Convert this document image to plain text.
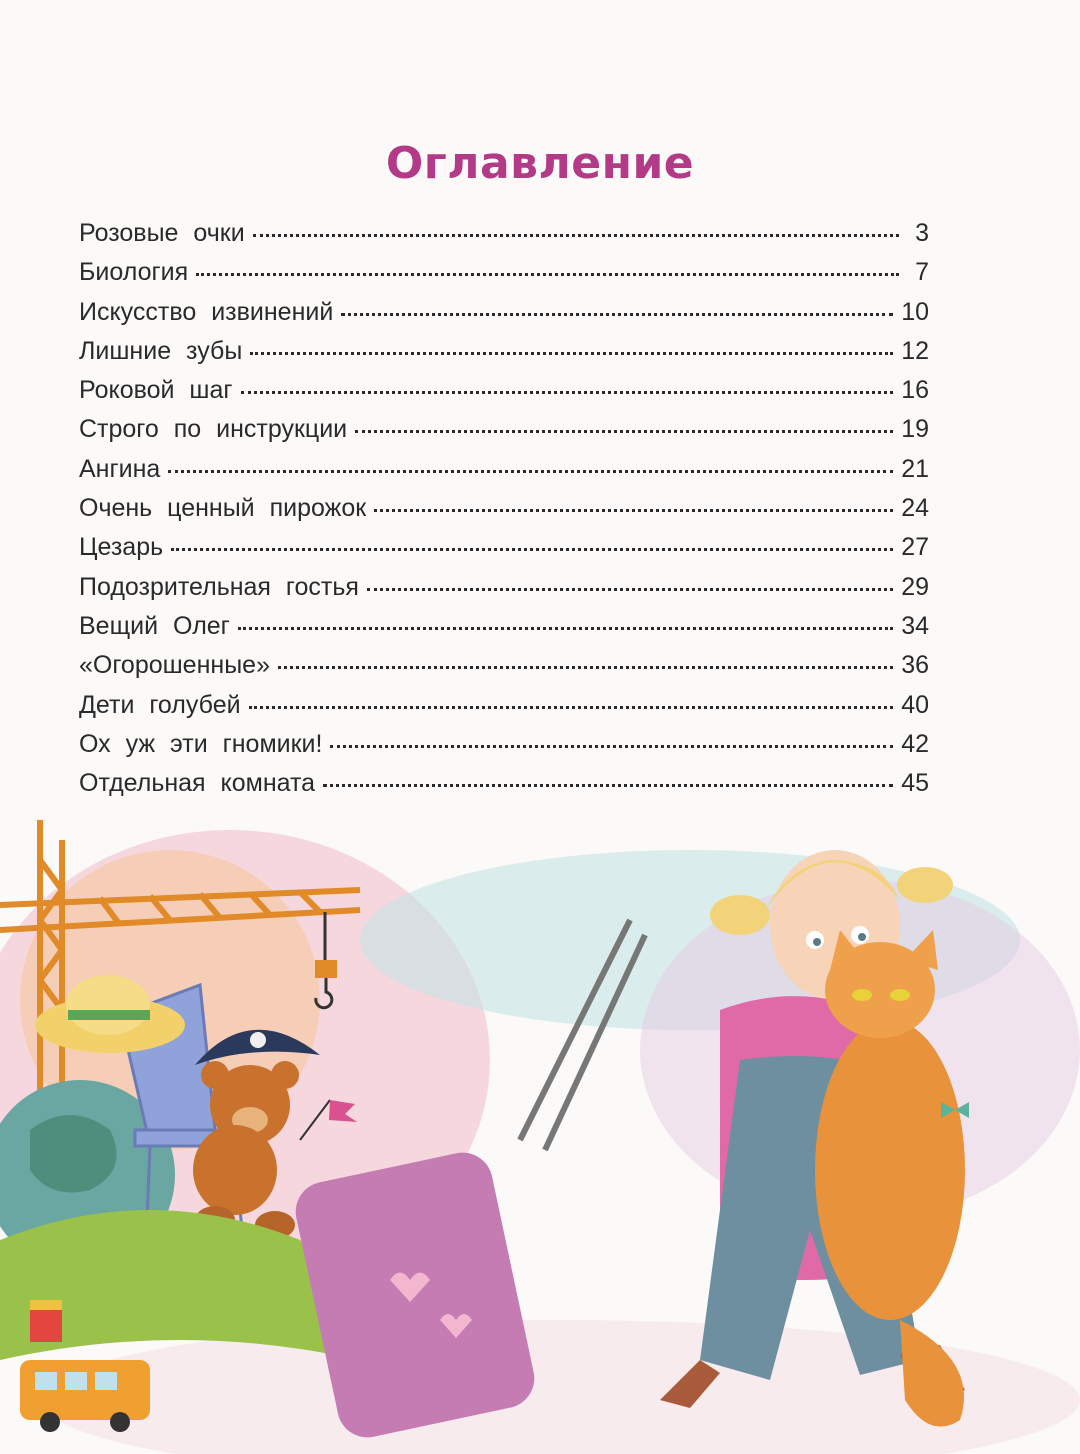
Оглавление
Розовые очки	3
Биология	7
Искусство извинений	10
Лишние зубы	12
Роковой шаг	16
Строго по инструкции	19
Ангина	21
Очень ценный пирожок	24
Цезарь	27
Подозрительная гостья	29
Вещий Олег	34
«Огорошенные»	36
Дети голубей	40
Ох уж эти гномики!	42
Отдельная комната	45
